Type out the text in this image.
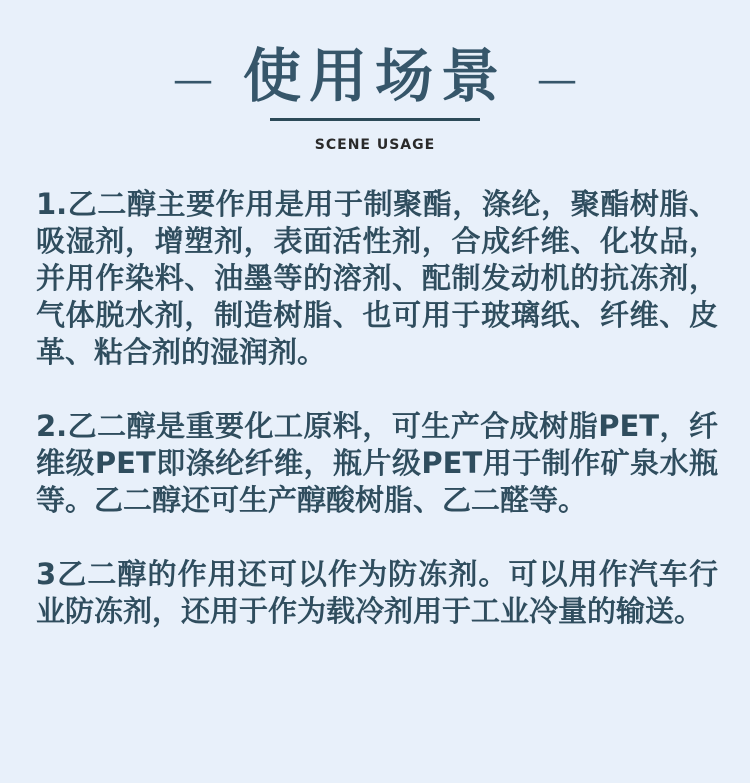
— 使用场景 —
SCENE USAGE

1.乙二醇主要作用是用于制聚酯，涤纶，聚酯树脂、吸湿剂，增塑剂，表面活性剂，合成纤维、化妆品，并用作染料、油墨等的溶剂、配制发动机的抗冻剂，气体脱水剂，制造树脂、也可用于玻璃纸、纤维、皮革、粘合剂的湿润剂。

2.乙二醇是重要化工原料，可生产合成树脂PET，纤维级PET即涤纶纤维，瓶片级PET用于制作矿泉水瓶等。乙二醇还可生产醇酸树脂、乙二醛等。

3乙二醇的作用还可以作为防冻剂。可以用作汽车行业防冻剂，还用于作为载冷剂用于工业冷量的输送。
